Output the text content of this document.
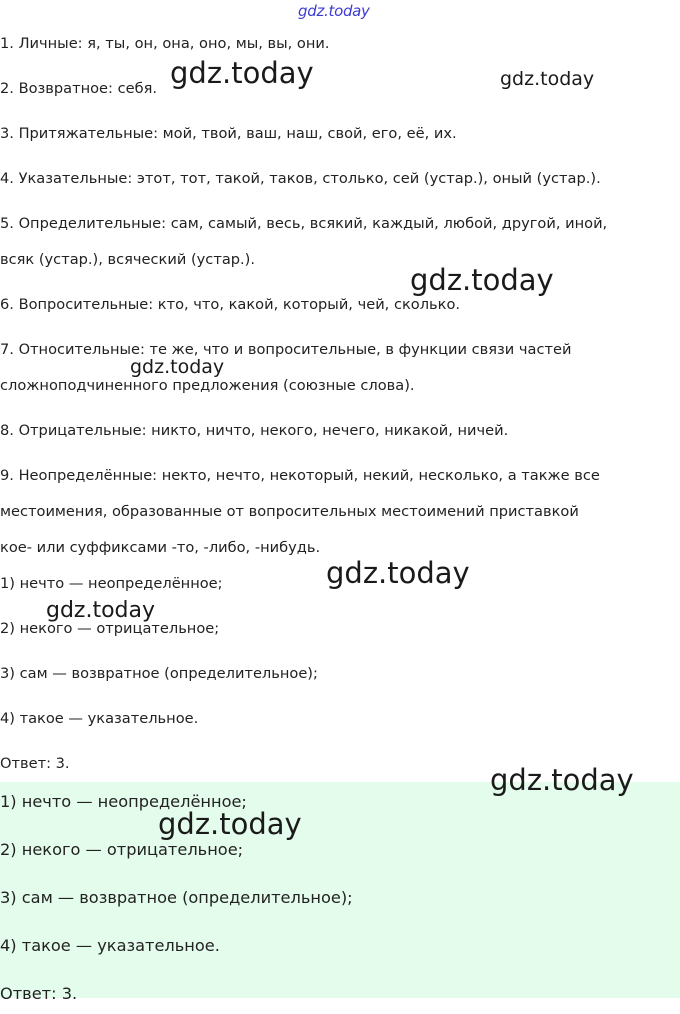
gdz.today
1. Личные: я, ты, он, она, оно, мы, вы, они.
2. Возвратное: себя.
3. Притяжательные: мой, твой, ваш, наш, свой, его, её, их.
4. Указательные: этот, тот, такой, таков, столько, сей (устар.), оный (устар.).
5. Определительные: сам, самый, весь, всякий, каждый, любой, другой, иной,
всяк (устар.), всяческий (устар.).
6. Вопросительные: кто, что, какой, который, чей, сколько.
7. Относительные: те же, что и вопросительные, в функции связи частей
сложноподчиненного предложения (союзные слова).
8. Отрицательные: никто, ничто, некого, нечего, никакой, ничей.
9. Неопределённые: некто, нечто, некоторый, некий, несколько, а также все
местоимения, образованные от вопросительных местоимений приставкой
кое- или суффиксами -то, -либо, -нибудь.
1) нечто — неопределённое;
2) некого — отрицательное;
3) сам — возвратное (определительное);
4) такое — указательное.
Ответ: 3.
1) нечто — неопределённое;
2) некого — отрицательное;
3) сам — возвратное (определительное);
4) такое — указательное.
Ответ: 3.
gdz.today	gdz.today
gdz.today
gdz.today
gdz.today
gdz.today
gdz.today
gdz.today
